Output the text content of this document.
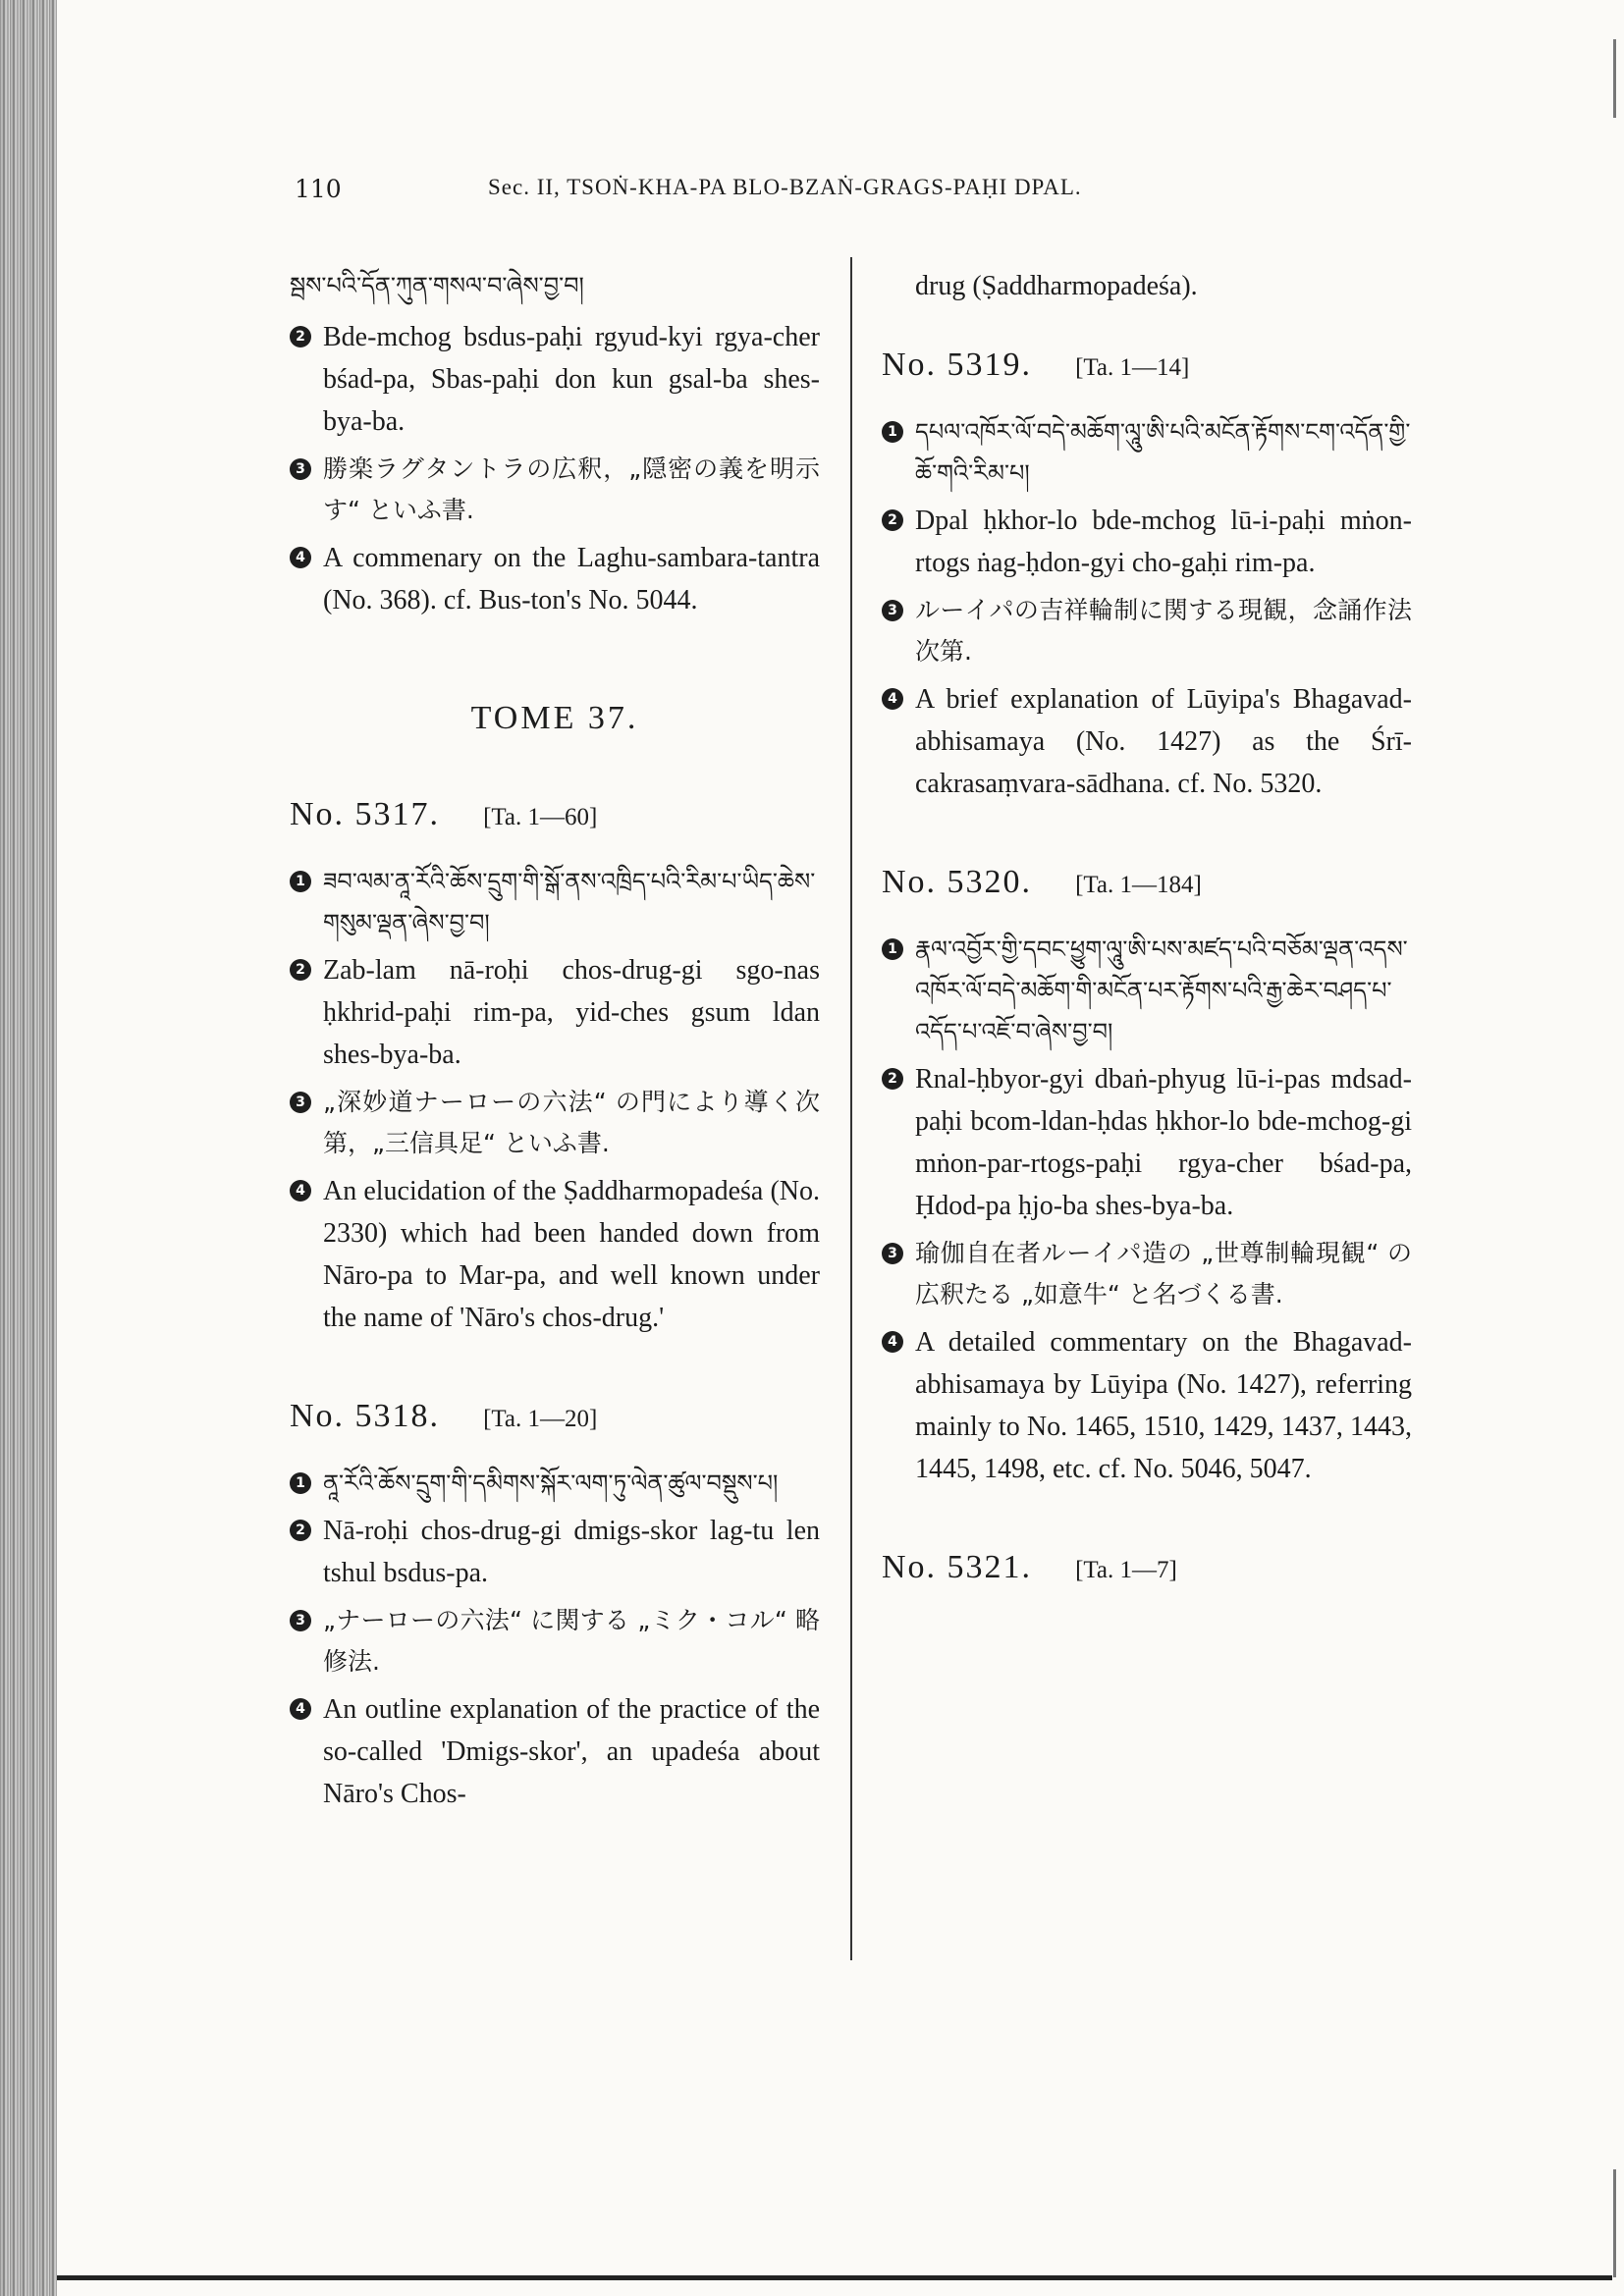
110	Sec. II, TSOṄ-KHA-PA BLO-BZAṄ-GRAGS-PAḤI DPAL.

སྦས་པའི་དོན་ཀུན་གསལ་བ་ཞེས་བྱ་བ།

2 Bde-mchog bsdus-paḥi rgyud-kyi rgya-cher bśad-pa, Sbas-paḥi don kun gsal-ba shes-bya-ba.

3 勝楽ラグタントラの広釈，„隠密の義を明示す“ といふ書.

4 A commenary on the Laghu-sambara-tantra (No. 368). cf. Bus-ton's No. 5044.

TOME 37.

No. 5317. [Ta. 1—60]
1 ཟབ་ལམ་ནཱ་རོའི་ཆོས་དྲུག་གི་སྒོ་ནས་འཁྲིད་པའི་རིམ་པ་ཡིད་ཆེས་གསུམ་ལྡན་ཞེས་བྱ་བ།

2 Zab-lam nā-roḥi chos-drug-gi sgo-nas ḥkhrid-paḥi rim-pa, yid-ches gsum ldan shes-bya-ba.

3 „深妙道ナーローの六法“ の門により導く次第，„三信具足“ といふ書.

4 An elucidation of the Ṣaddharmopadeśa (No. 2330) which had been handed down from Nāro-pa to Mar-pa, and well known under the name of 'Nāro's chos-drug.'

No. 5318. [Ta. 1—20]
1 ནཱ་རོའི་ཆོས་དྲུག་གི་དམིགས་སྐོར་ལག་ཏུ་ལེན་ཚུལ་བསྡུས་པ།

2 Nā-roḥi chos-drug-gi dmigs-skor lag-tu len tshul bsdus-pa.

3 „ナーローの六法“ に関する „ミク・コル“ 略修法.

4 An outline explanation of the practice of the so-called 'Dmigs-skor', an upadeśa about Nāro's Chos-

drug (Ṣaddharmopadeśa).

No. 5319. [Ta. 1—14]
1 དཔལ་འཁོར་ལོ་བདེ་མཆོག་ལཱུ་ཨི་པའི་མངོན་རྟོགས་ངག་འདོན་གྱི་ཆོ་གའི་རིམ་པ།

2 Dpal ḥkhor-lo bde-mchog lū-i-paḥi mṅon-rtogs ṅag-ḥdon-gyi cho-gaḥi rim-pa.

3 ルーイパの吉祥輪制に関する現観，念誦作法次第.

4 A brief explanation of Lūyipa's Bhagavad-abhisamaya (No. 1427) as the Śrī-cakrasaṃvara-sādhana. cf. No. 5320.

No. 5320. [Ta. 1—184]
1 རྣལ་འབྱོར་གྱི་དབང་ཕྱུག་ལཱུ་ཨི་པས་མཛད་པའི་བཅོམ་ལྡན་འདས་འཁོར་ལོ་བདེ་མཆོག་གི་མངོན་པར་རྟོགས་པའི་རྒྱ་ཆེར་བཤད་པ་འདོད་པ་འཇོ་བ་ཞེས་བྱ་བ།

2 Rnal-ḥbyor-gyi dbaṅ-phyug lū-i-pas mdsad-paḥi bcom-ldan-ḥdas ḥkhor-lo bde-mchog-gi mṅon-par-rtogs-paḥi rgya-cher bśad-pa, Ḥdod-pa ḥjo-ba shes-bya-ba.

3 瑜伽自在者ルーイパ造の „世尊制輪現観“ の広釈たる „如意牛“ と名づくる書.

4 A detailed commentary on the Bhagavad-abhisamaya by Lūyipa (No. 1427), referring mainly to No. 1465, 1510, 1429, 1437, 1443, 1445, 1498, etc. cf. No. 5046, 5047.

No. 5321. [Ta. 1—7]
